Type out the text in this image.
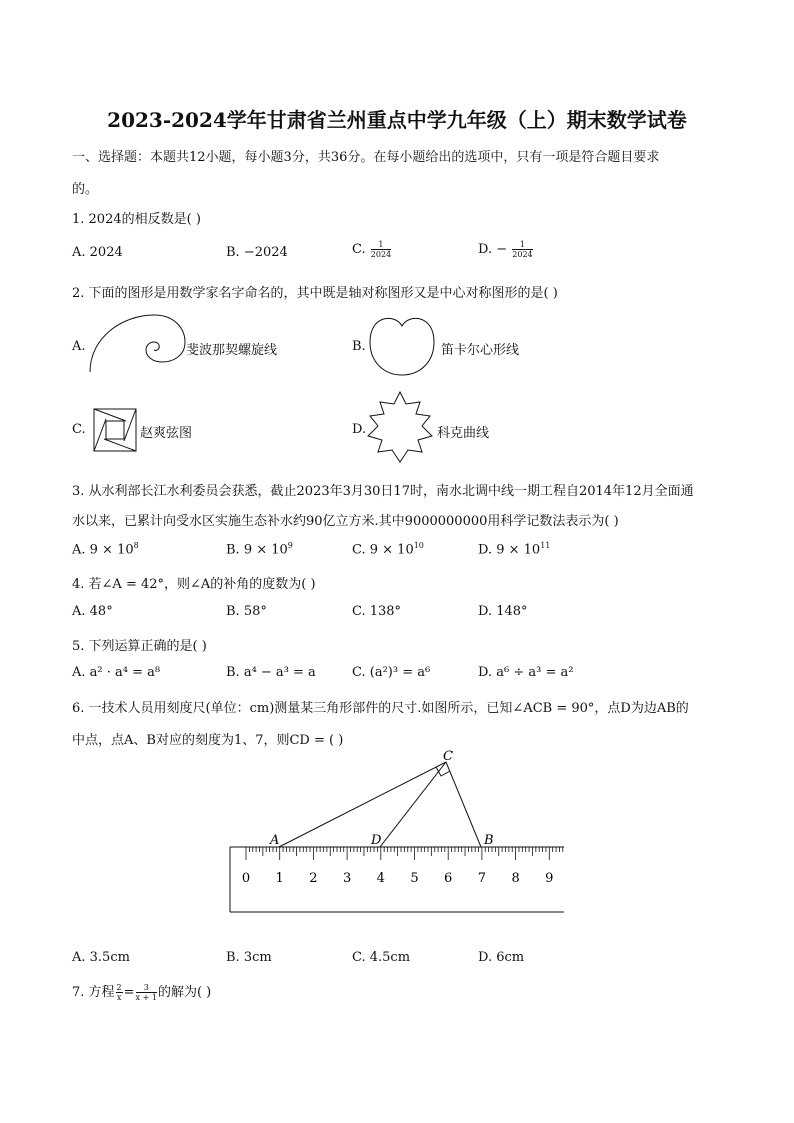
2023-2024学年甘肃省兰州重点中学九年级（上）期末数学试卷
一、选择题：本题共12小题，每小题3分，共36分。在每小题给出的选项中，只有一项是符合题目要求
的。
1. 2024的相反数是( )
A. 2024	B. −2024	C. $\frac{1}{2024}$	D. − $\frac{1}{2024}$
2. 下面的图形是用数学家名字命名的，其中既是轴对称图形又是中心对称图形的是( )
A.	斐波那契螺旋线	B.	笛卡尔心形线
C.	赵爽弦图	D.	科克曲线
3. 从水利部长江水利委员会获悉，截止2023年3月30日17时，南水北调中线一期工程自2014年12月全面通
水以来，已累计向受水区实施生态补水约90亿立方米.其中9000000000用科学记数法表示为( )
A. $9 \times 10^8$	B. $9 \times 10^9$	C. $9 \times 10^{10}$	D. $9 \times 10^{11}$
4. 若∠A = 42°，则∠A的补角的度数为( )
A. 48°	B. 58°	C. 138°	D. 148°
5. 下列运算正确的是( )
A. a² · a⁴ = a⁸	B. a⁴ − a³ = a	C. (a²)³ = a⁶	D. a⁶ ÷ a³ = a²
6. 一技术人员用刻度尺(单位：cm)测量某三角形部件的尺寸.如图所示，已知∠ACB = 90°，点D为边AB的
中点，点A、B对应的刻度为1、7，则CD = ( )
0 1 2 3 4 5 6 7 8 9
A	B
C
D
A. 3.5cm	B. 3cm	C. 4.5cm	D. 6cm
7. 方程 $\frac{2}{x} = \frac{3}{x + 1}$ 的解为( )
